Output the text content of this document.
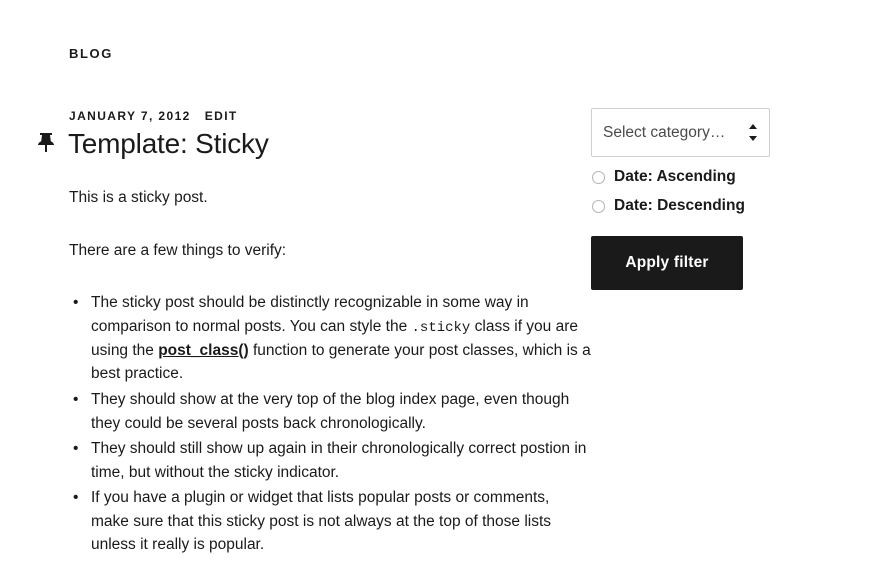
BLOG
JANUARY 7, 2012 EDIT
Template: Sticky

This is a sticky post.

There are a few things to verify:

• The sticky post should be distinctly recognizable in some way in comparison to normal posts. You can style the .sticky class if you are using the post_class() function to generate your post classes, which is a best practice.
• They should show at the very top of the blog index page, even though they could be several posts back chronologically.
• They should still show up again in their chronologically correct postion in time, but without the sticky indicator.
• If you have a plugin or widget that lists popular posts or comments, make sure that this sticky post is not always at the top of those lists unless it really is popular.
Select category…
Date: Ascending
Date: Descending
Apply filter
